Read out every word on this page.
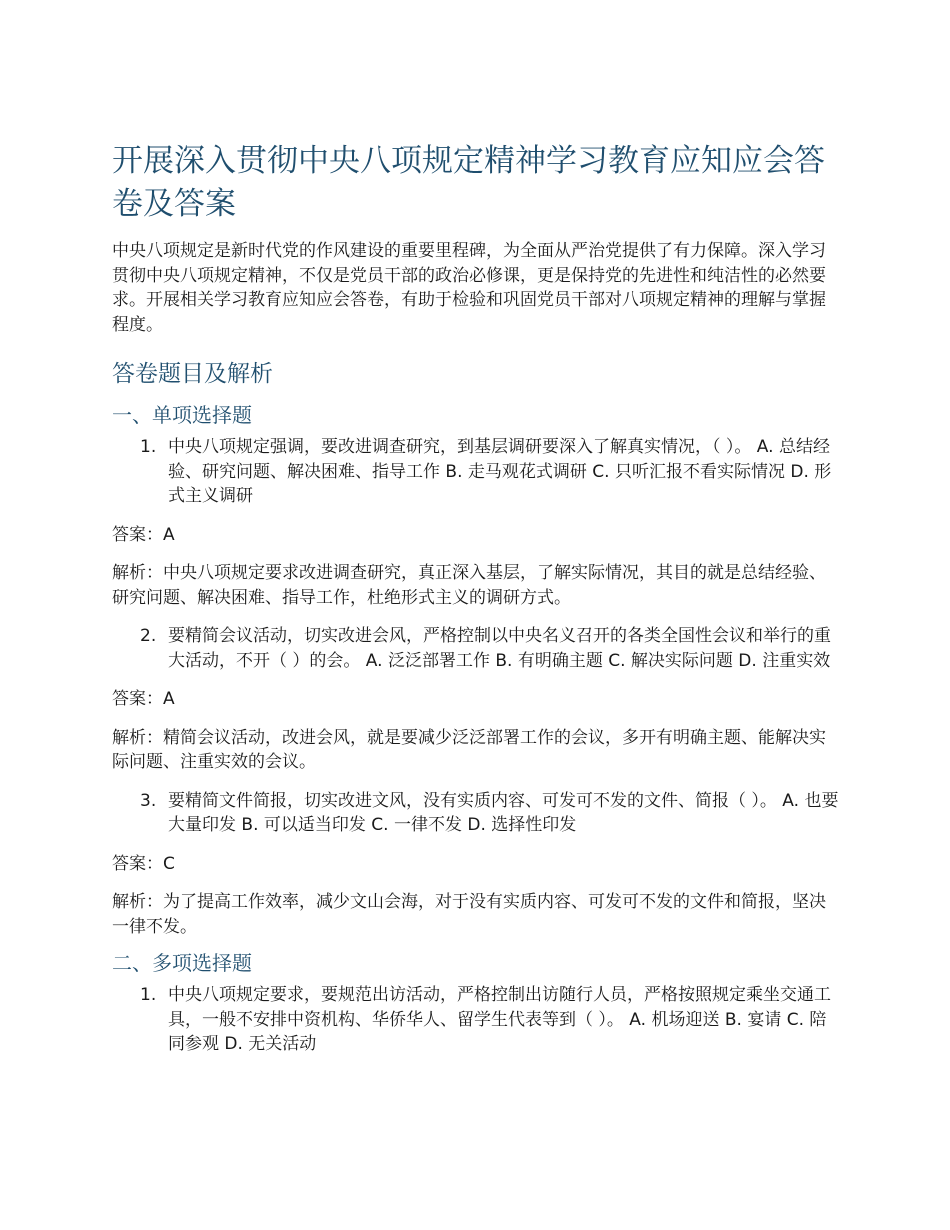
开展深入贯彻中央八项规定精神学习教育应知应会答卷及答案

中央八项规定是新时代党的作风建设的重要里程碑，为全面从严治党提供了有力保障。深入学习贯彻中央八项规定精神，不仅是党员干部的政治必修课，更是保持党的先进性和纯洁性的必然要求。开展相关学习教育应知应会答卷，有助于检验和巩固党员干部对八项规定精神的理解与掌握程度。

答卷题目及解析
一、单项选择题
1. 中央八项规定强调，要改进调查研究，到基层调研要深入了解真实情况，（ ）。 A. 总结经验、研究问题、解决困难、指导工作 B. 走马观花式调研 C. 只听汇报不看实际情况 D. 形式主义调研

答案：A

解析：中央八项规定要求改进调查研究，真正深入基层，了解实际情况，其目的就是总结经验、研究问题、解决困难、指导工作，杜绝形式主义的调研方式。

2. 要精简会议活动，切实改进会风，严格控制以中央名义召开的各类全国性会议和举行的重大活动，不开（ ）的会。 A. 泛泛部署工作 B. 有明确主题 C. 解决实际问题 D. 注重实效

答案：A

解析：精简会议活动，改进会风，就是要减少泛泛部署工作的会议，多开有明确主题、能解决实际问题、注重实效的会议。

3. 要精简文件简报，切实改进文风，没有实质内容、可发可不发的文件、简报（ ）。 A. 也要大量印发 B. 可以适当印发 C. 一律不发 D. 选择性印发

答案：C

解析：为了提高工作效率，减少文山会海，对于没有实质内容、可发可不发的文件和简报，坚决一律不发。

二、多项选择题
1. 中央八项规定要求，要规范出访活动，严格控制出访随行人员，严格按照规定乘坐交通工具，一般不安排中资机构、华侨华人、留学生代表等到（ ）。 A. 机场迎送 B. 宴请 C. 陪同参观 D. 无关活动
